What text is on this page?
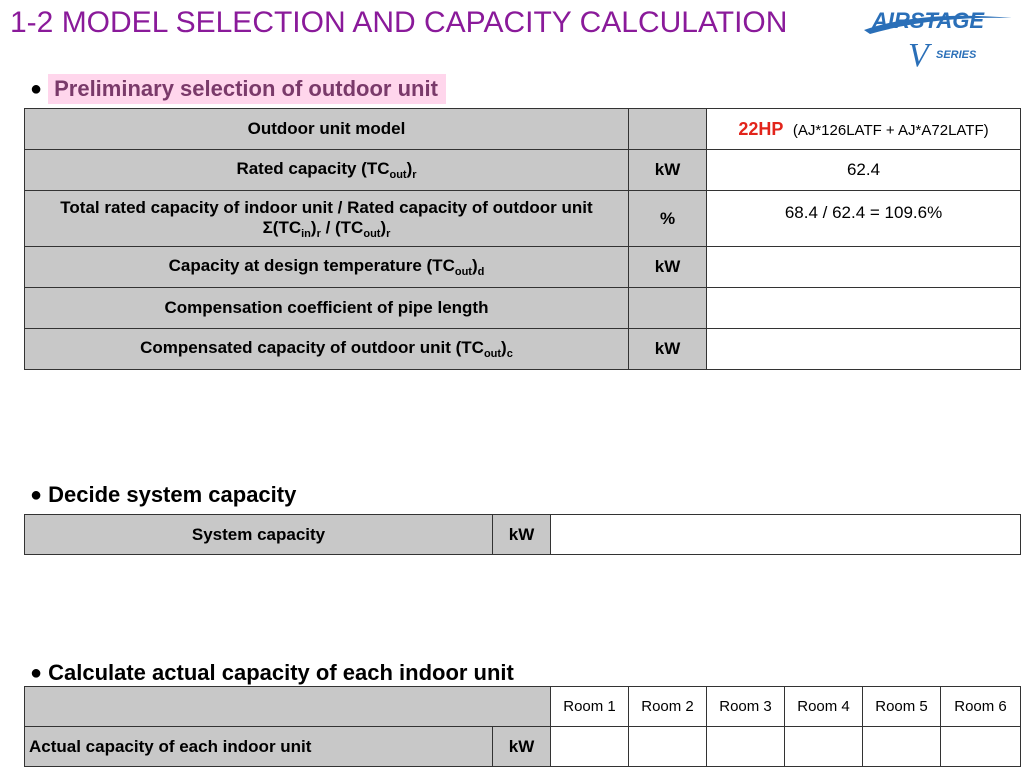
1-2 MODEL SELECTION AND CAPACITY CALCULATION	AIRSTAGE
V SERIES
● Preliminary selection of outdoor unit
Outdoor unit model		22HP (AJ*126LATF + AJ*A72LATF)
Rated capacity $(TC_{out})_r$	kW	62.4

Total rated capacity of indoor unit / Rated capacity of outdoor unit
$\Sigma(TC_{in})_r / (TC_{out})_r$	%	68.4 / 62.4 = 109.6%
Capacity at design temperature $(TC_{out})_d$	kW	
Compensation coefficient of pipe length		
Compensated capacity of outdoor unit $(TC_{out})_c$	kW	
● Decide system capacity
System capacity	kW	
● Calculate actual capacity of each indoor unit
		Room 1	Room 2	Room 3	Room 4	Room 5	Room 6
Actual capacity of each indoor unit	kW						
